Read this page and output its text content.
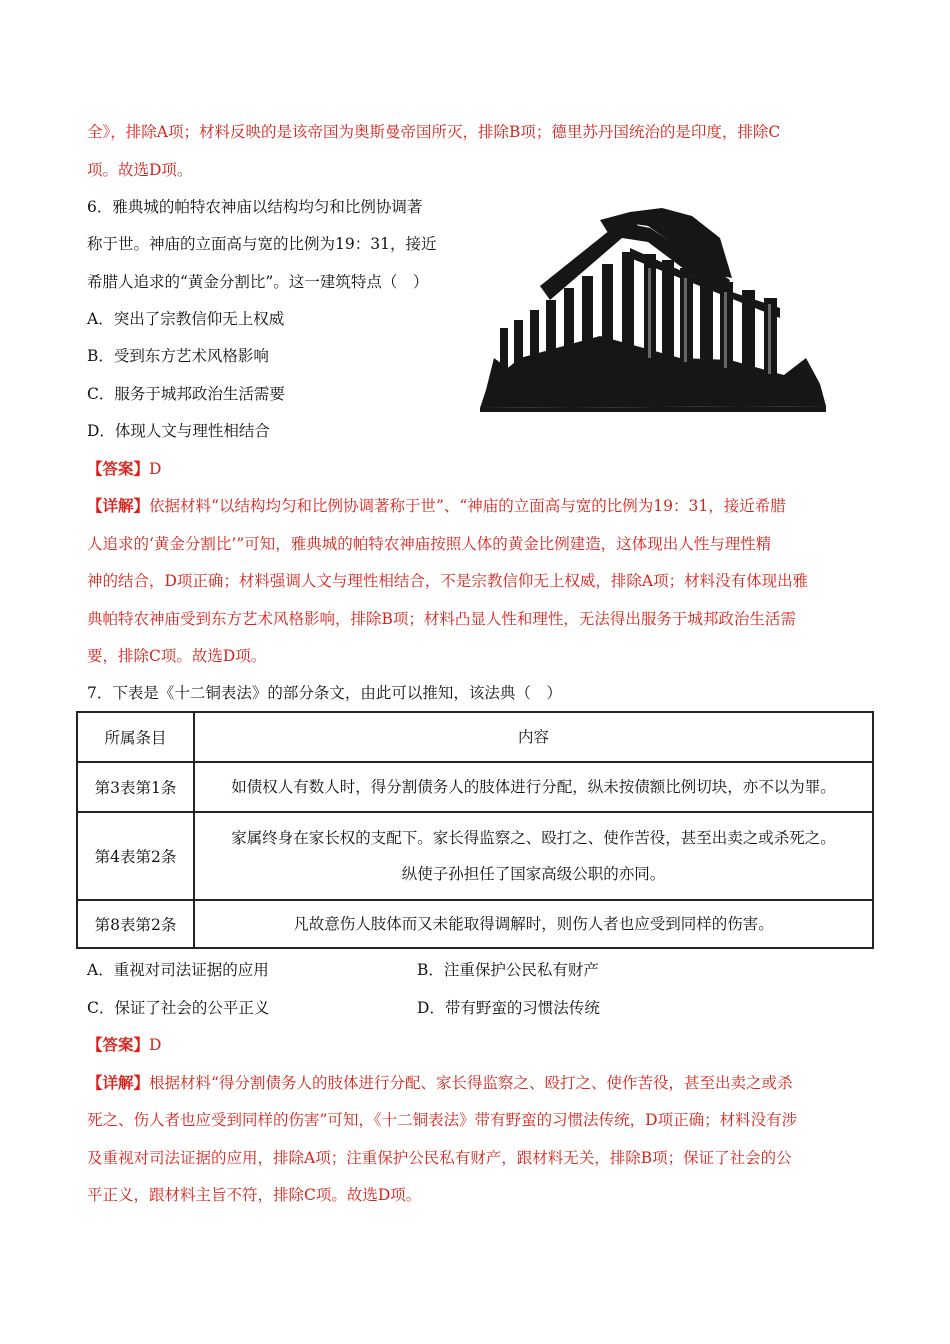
全》，排除A项；材料反映的是该帝国为奥斯曼帝国所灭，排除B项；德里苏丹国统治的是印度，排除C
项。故选D项。
6．雅典城的帕特农神庙以结构均匀和比例协调著
称于世。神庙的立面高与宽的比例为19：31，接近
希腊人追求的“黄金分割比”。这一建筑特点（　）
A．突出了宗教信仰无上权威
B．受到东方艺术风格影响
C．服务于城邦政治生活需要
D．体现人文与理性相结合
【答案】D
【详解】依据材料“以结构均匀和比例协调著称于世”、“神庙的立面高与宽的比例为19：31，接近希腊
人追求的‘黄金分割比’”可知，雅典城的帕特农神庙按照人体的黄金比例建造，这体现出人性与理性精
神的结合，D项正确；材料强调人文与理性相结合，不是宗教信仰无上权威，排除A项；材料没有体现出雅
典帕特农神庙受到东方艺术风格影响，排除B项；材料凸显人性和理性，无法得出服务于城邦政治生活需
要，排除C项。故选D项。
7．下表是《十二铜表法》的部分条文，由此可以推知，该法典（　）
所属条目	内容
第3表第1条	如债权人有数人时，得分割债务人的肢体进行分配，纵未按债额比例切块，亦不以为罪。
第4表第2条	家属终身在家长权的支配下。家长得监察之、殴打之、使作苦役，甚至出卖之或杀死之。
纵使子孙担任了国家高级公职的亦同。

第8表第2条	凡故意伤人肢体而又未能取得调解时，则伤人者也应受到同样的伤害。
A．重视对司法证据的应用	B．注重保护公民私有财产
C．保证了社会的公平正义	D．带有野蛮的习惯法传统
【答案】D
【详解】根据材料“得分割债务人的肢体进行分配、家长得监察之、殴打之、使作苦役，甚至出卖之或杀
死之、伤人者也应受到同样的伤害”可知，《十二铜表法》带有野蛮的习惯法传统，D项正确；材料没有涉
及重视对司法证据的应用，排除A项；注重保护公民私有财产，跟材料无关，排除B项；保证了社会的公
平正义，跟材料主旨不符，排除C项。故选D项。
